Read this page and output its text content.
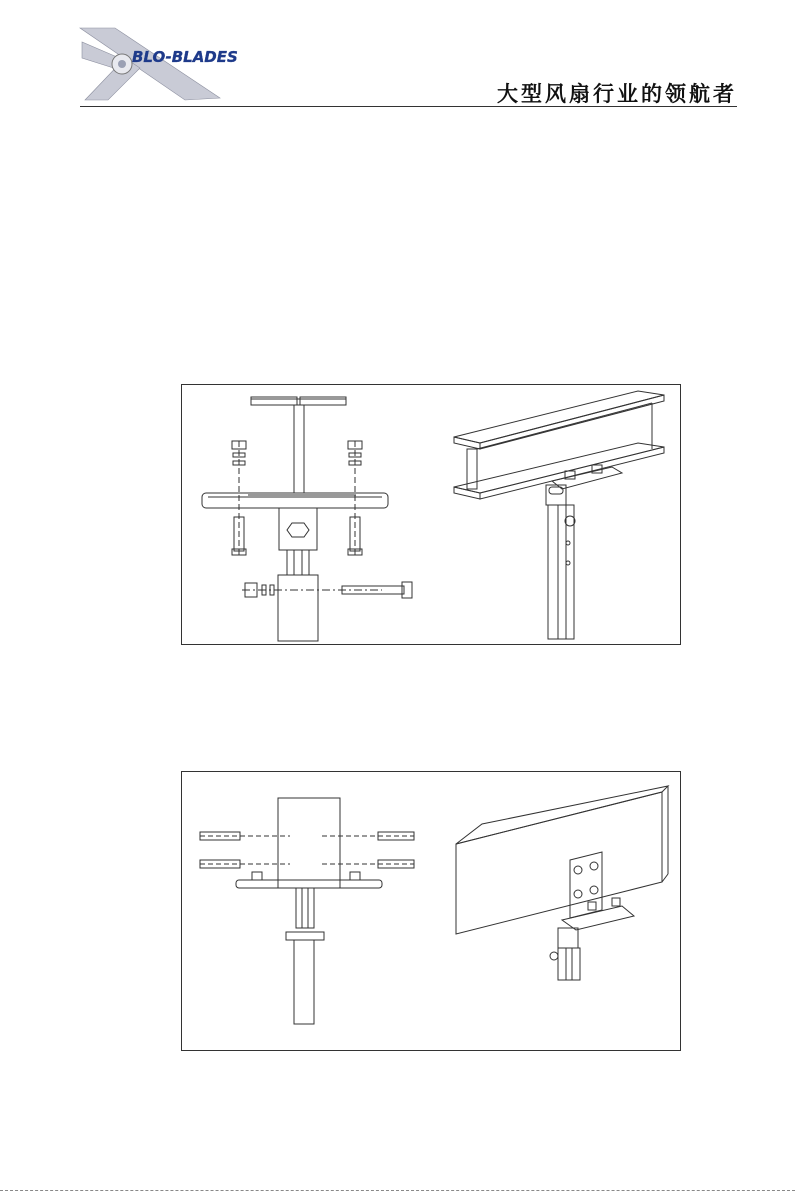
BLO-BLADES
大型风扇行业的领航者
